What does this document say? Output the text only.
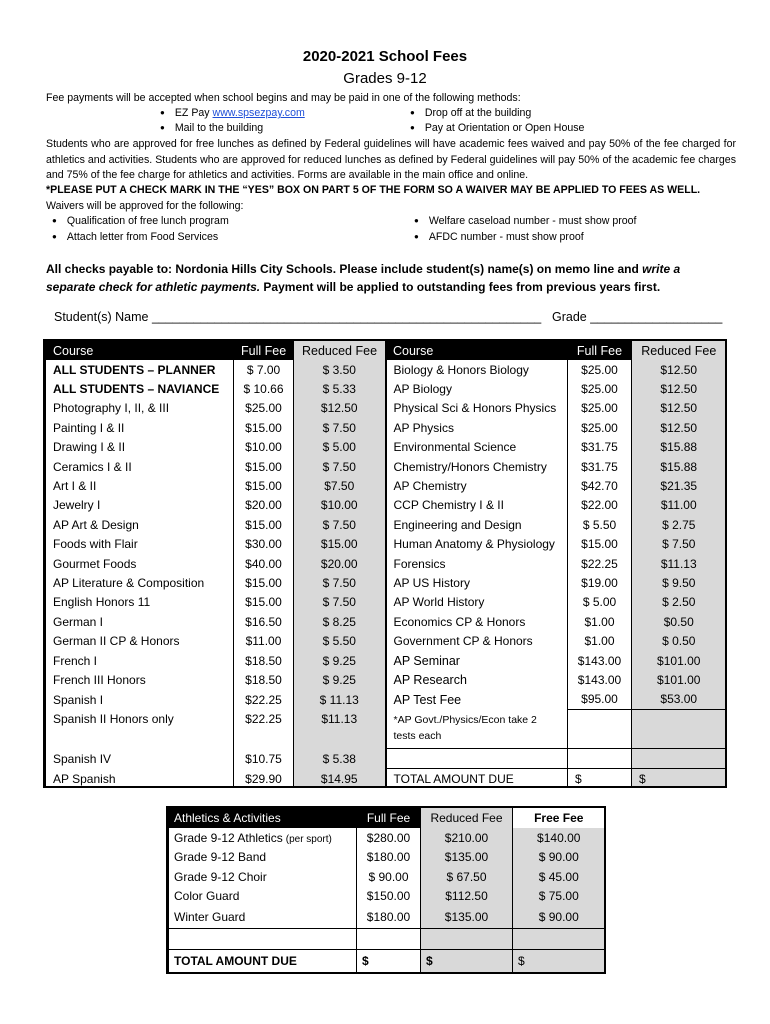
2020-2021 School Fees
Grades 9-12
Fee payments will be accepted when school begins and may be paid in one of the following methods:
● EZ Pay www.spsezpay.com
● Mail to the building
● Drop off at the building
● Pay at Orientation or Open House
Students who are approved for free lunches as defined by Federal guidelines will have academic fees waived and pay 50% of the fee charged for athletics and activities. Students who are approved for reduced lunches as defined by Federal guidelines will pay 50% of the academic fee charges and 75% of the fee charge for athletics and activities. Forms are available in the main office and online.
*PLEASE PUT A CHECK MARK IN THE “YES” BOX ON PART 5 OF THE FORM SO A WAIVER MAY BE APPLIED TO FEES AS WELL.
Waivers will be approved for the following:
● Qualification of free lunch program
● Attach letter from Food Services
● Welfare caseload number - must show proof
● AFDC number - must show proof
All checks payable to: Nordonia Hills City Schools. Please include student(s) name(s) on memo line and write a
separate check for athletic payments. Payment will be applied to outstanding fees from previous years first.
Student(s) Name ________________________________________________________ Grade ___________________
Course	Full Fee	Reduced Fee	Course	Full Fee	Reduced Fee
ALL STUDENTS – PLANNER	$ 7.00	$ 3.50	Biology & Honors Biology	$25.00	$12.50
ALL STUDENTS – NAVIANCE	$ 10.66	$ 5.33	AP Biology	$25.00	$12.50
Photography I, II, & III	$25.00	$12.50	Physical Sci & Honors Physics	$25.00	$12.50
Painting I & II	$15.00	$ 7.50	AP Physics	$25.00	$12.50
Drawing I & II	$10.00	$ 5.00	Environmental Science	$31.75	$15.88
Ceramics I & II	$15.00	$ 7.50	Chemistry/Honors Chemistry	$31.75	$15.88
Art I & II	$15.00	$7.50	AP Chemistry	$42.70	$21.35
Jewelry I	$20.00	$10.00	CCP Chemistry I & II	$22.00	$11.00
AP Art & Design	$15.00	$ 7.50	Engineering and Design	$ 5.50	$ 2.75
Foods with Flair	$30.00	$15.00	Human Anatomy & Physiology	$15.00	$ 7.50
Gourmet Foods	$40.00	$20.00	Forensics	$22.25	$11.13
AP Literature & Composition	$15.00	$ 7.50	AP US History	$19.00	$ 9.50
English Honors 11	$15.00	$ 7.50	AP World History	$ 5.00	$ 2.50
German I	$16.50	$ 8.25	Economics CP & Honors	$1.00	$0.50
German II CP & Honors	$11.00	$ 5.50	Government CP & Honors	$1.00	$ 0.50
French I	$18.50	$ 9.25	AP Seminar	$143.00	$101.00
French III Honors	$18.50	$ 9.25	AP Research	$143.00	$101.00
Spanish I	$22.25	$ 11.13	AP Test Fee	$95.00	$53.00
Spanish II Honors only	$22.25	$11.13	*AP Govt./Physics/Econ take 2 tests each		
Spanish IV	$10.75	$ 5.38			
AP Spanish	$29.90	$14.95	TOTAL AMOUNT DUE	$	$
Athletics & Activities	Full Fee	Reduced Fee	Free Fee
Grade 9-12 Athletics (per sport)	$280.00	$210.00	$140.00
Grade 9-12 Band	$180.00	$135.00	$ 90.00
Grade 9-12 Choir	$ 90.00	$ 67.50	$ 45.00
Color Guard	$150.00	$112.50	$ 75.00
Winter Guard	$180.00	$135.00	$ 90.00

TOTAL AMOUNT DUE	$	$	$
